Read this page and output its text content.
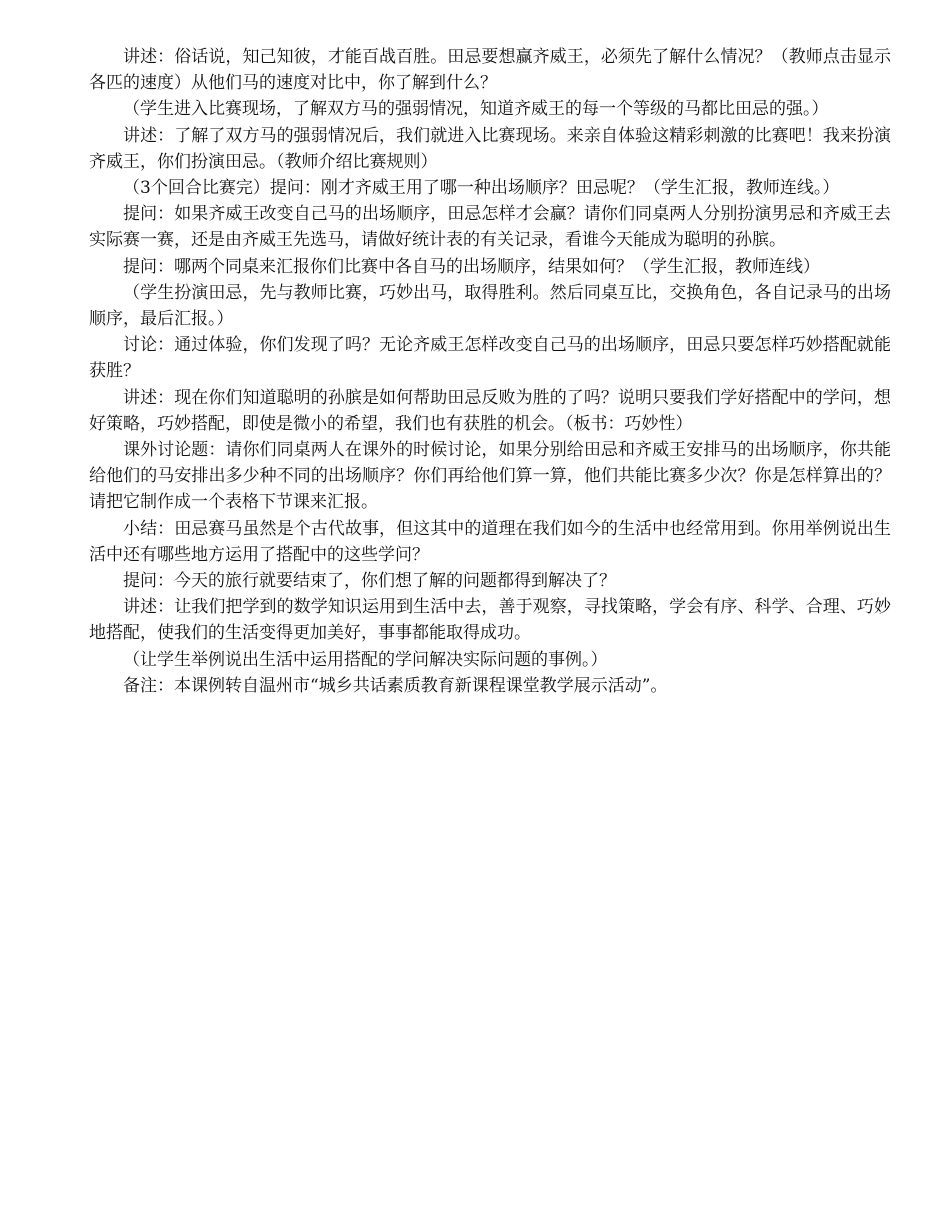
讲述：俗话说，知己知彼，才能百战百胜。田忌要想赢齐威王，必须先了解什么情况？（教师点击显示各匹的速度）从他们马的速度对比中，你了解到什么？

（学生进入比赛现场，了解双方马的强弱情况，知道齐威王的每一个等级的马都比田忌的强。）

讲述：了解了双方马的强弱情况后，我们就进入比赛现场。来亲自体验这精彩刺激的比赛吧！我来扮演齐威王，你们扮演田忌。（教师介绍比赛规则）

（3个回合比赛完）提问：刚才齐威王用了哪一种出场顺序？田忌呢？（学生汇报，教师连线。）

提问：如果齐威王改变自己马的出场顺序，田忌怎样才会赢？请你们同桌两人分别扮演男忌和齐威王去实际赛一赛，还是由齐威王先选马，请做好统计表的有关记录，看谁今天能成为聪明的孙膑。

提问：哪两个同桌来汇报你们比赛中各自马的出场顺序，结果如何？（学生汇报，教师连线）

（学生扮演田忌，先与教师比赛，巧妙出马，取得胜利。然后同桌互比，交换角色，各自记录马的出场顺序，最后汇报。）

讨论：通过体验，你们发现了吗？无论齐威王怎样改变自己马的出场顺序，田忌只要怎样巧妙搭配就能获胜？

讲述：现在你们知道聪明的孙膑是如何帮助田忌反败为胜的了吗？说明只要我们学好搭配中的学问，想好策略，巧妙搭配，即使是微小的希望，我们也有获胜的机会。（板书：巧妙性）

课外讨论题：请你们同桌两人在课外的时候讨论，如果分别给田忌和齐威王安排马的出场顺序，你共能给他们的马安排出多少种不同的出场顺序？你们再给他们算一算，他们共能比赛多少次？你是怎样算出的？请把它制作成一个表格下节课来汇报。

小结：田忌赛马虽然是个古代故事，但这其中的道理在我们如今的生活中也经常用到。你用举例说出生活中还有哪些地方运用了搭配中的这些学问？

提问：今天的旅行就要结束了，你们想了解的问题都得到解决了？

讲述：让我们把学到的数学知识运用到生活中去，善于观察，寻找策略，学会有序、科学、合理、巧妙地搭配，使我们的生活变得更加美好，事事都能取得成功。

（让学生举例说出生活中运用搭配的学问解决实际问题的事例。）

备注：本课例转自温州市“城乡共话素质教育新课程课堂教学展示活动”。
